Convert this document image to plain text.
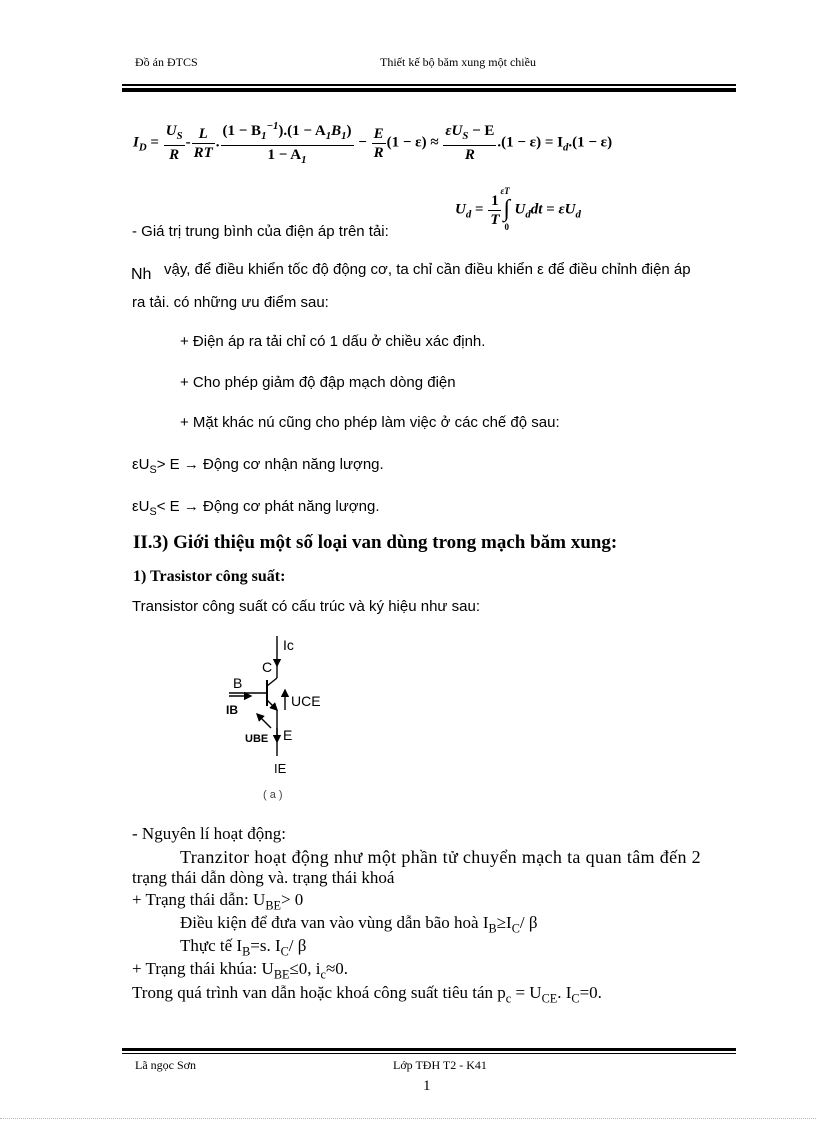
Đồ án ĐTCS	Thiết kế bộ băm xung một chiều
$I_D = \frac{U_S}{R} - \frac{L}{RT}$ . $\frac{(1 - B_1^{-1}).(1 - A_1B_1)}{1 - A_1} - \frac{E}{R} (1 - \varepsilon) \approx \frac{\varepsilon U_S - E}{R} .(1 - \varepsilon) = I_d.(1 - \varepsilon)$
$U_d = \frac{1}{T}$
εT
∫
0
$U_ddt = \varepsilon U_d$
- Giá trị trung bình của điện áp trên tải:
Nh vậy, để điều khiển tốc độ động cơ, ta chỉ cần điều khiển ε để điều chỉnh điện áp
ra tải. có những ưu điểm sau:
+ Điện áp ra tải chỉ có 1 dấu ở chiều xác định.
+ Cho phép giảm độ đập mạch dòng điện
+ Mặt khác nú cũng cho phép làm việc ở các chế độ sau:
$\varepsilon U_S> E$ → Động cơ nhận năng lượng.
$\varepsilon U_S< E$ → Động cơ phát năng lượng.
II.3) Giới thiệu một số loại van dùng trong mạch băm xung:
1) Trasistor công suất:
Transistor công suất có cấu trúc và ký hiệu như sau:
Ic
C
B
IB
UCE
UBE E
IE
( a )
- Nguyên lí hoạt động:
Tranzitor hoạt động như một phần tử chuyển mạch ta quan tâm đến 2
trạng thái dẫn dòng và. trạng thái khoá
+ Trạng thái dẫn: $U_{BE}> 0$
Điều kiện để đưa van vào vùng dẫn bão hoà $I_B\ge I_C/$ β
Thực tế $I_B=s$. $I_C/$ β
+ Trạng thái khúa: $U_{BE}\le 0$, $i_c\approx 0$.
Trong quá trình van dẫn hoặc khoá công suất tiêu tán $p_c = U_{CE}$. $I_C=0$.
Lã ngọc Sơn	Lớp TĐH T2 - K41
1
